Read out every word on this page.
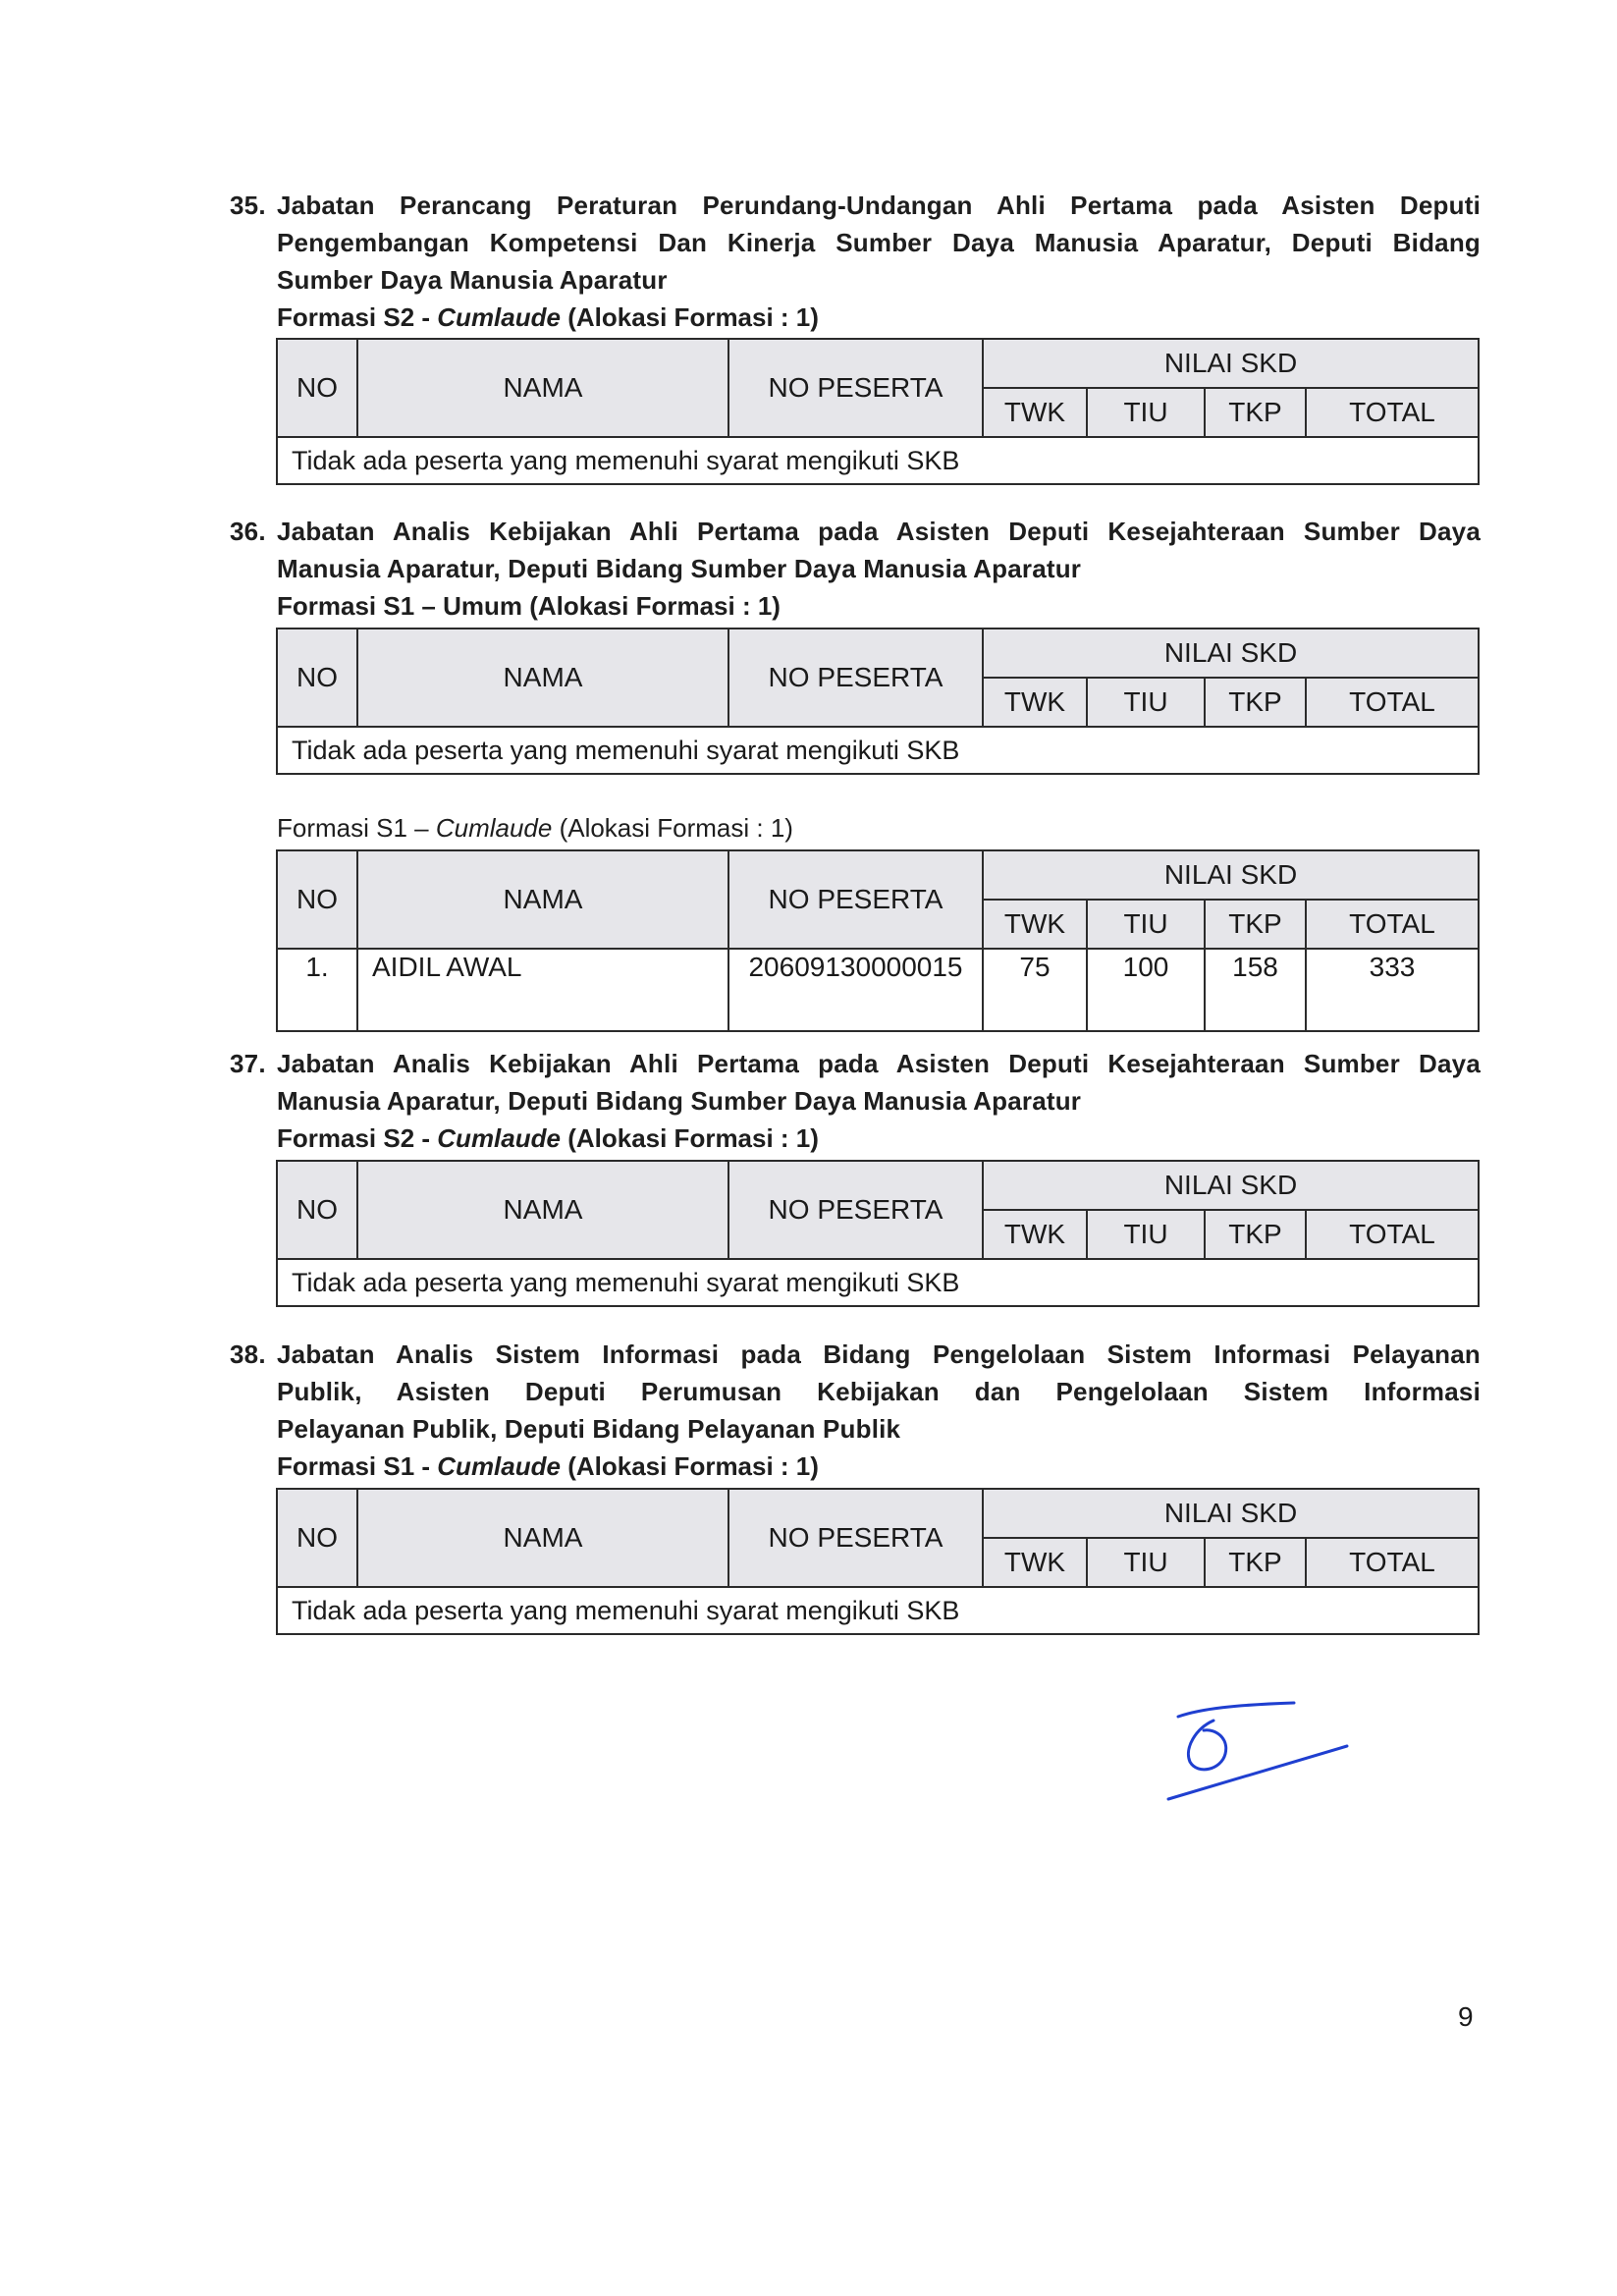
35. Jabatan Perancang Peraturan Perundang-Undangan Ahli Pertama pada Asisten Deputi
Pengembangan Kompetensi Dan Kinerja Sumber Daya Manusia Aparatur, Deputi Bidang
Sumber Daya Manusia Aparatur
Formasi S2 - Cumlaude (Alokasi Formasi : 1)
NO	NAMA	NO PESERTA	NILAI SKD			
			TWK	TIU	TKP	TOTAL
Tidak ada peserta yang memenuhi syarat mengikuti SKB						
36. Jabatan Analis Kebijakan Ahli Pertama pada Asisten Deputi Kesejahteraan Sumber Daya
Manusia Aparatur, Deputi Bidang Sumber Daya Manusia Aparatur
Formasi S1 – Umum (Alokasi Formasi : 1)
NO	NAMA	NO PESERTA	NILAI SKD			
			TWK	TIU	TKP	TOTAL
Tidak ada peserta yang memenuhi syarat mengikuti SKB						
Formasi S1 – Cumlaude (Alokasi Formasi : 1)
NO	NAMA	NO PESERTA	NILAI SKD			
			TWK	TIU	TKP	TOTAL
1.	AIDIL AWAL	20609130000015	75	100	158	333
37. Jabatan Analis Kebijakan Ahli Pertama pada Asisten Deputi Kesejahteraan Sumber Daya
Manusia Aparatur, Deputi Bidang Sumber Daya Manusia Aparatur
Formasi S2 - Cumlaude (Alokasi Formasi : 1)
NO	NAMA	NO PESERTA	NILAI SKD			
			TWK	TIU	TKP	TOTAL
Tidak ada peserta yang memenuhi syarat mengikuti SKB						
38. Jabatan Analis Sistem Informasi pada Bidang Pengelolaan Sistem Informasi Pelayanan
Publik, Asisten Deputi Perumusan Kebijakan dan Pengelolaan Sistem Informasi
Pelayanan Publik, Deputi Bidang Pelayanan Publik
Formasi S1 - Cumlaude (Alokasi Formasi : 1)
NO	NAMA	NO PESERTA	NILAI SKD			
			TWK	TIU	TKP	TOTAL
Tidak ada peserta yang memenuhi syarat mengikuti SKB						
9
